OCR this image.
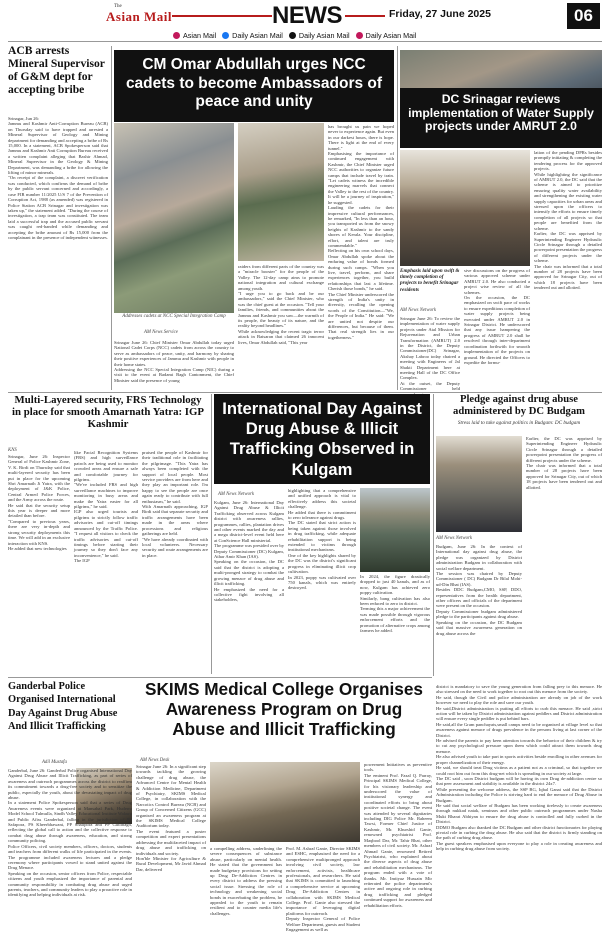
The
Asian Mail	NEWS	Friday, 27 June 2025	06
Asian Mail Daily Asian Mail Daily Asian Mail Daily Asian Mail
ACB arrests Mineral Supervisor of G&M dept for accepting bribe
Srinagar, Jun 26:
Jammu and Kashmir Anti-Corruption Bureau (ACB) on Thursday said to have trapped and arrested a Mineral Supervisor of Geology and Mining department for demanding and accepting a bribe of Rs 15,000. In a statement, ACB Spokesperson said that Jammu and Kashmir Anti Corruption Bureau received a written complaint alleging that Bashir Ahmad, Mineral Supervisor in the Geology & Mining Department, was demanding a bribe for allowing the lifting of minor minerals.
"On receipt of the complaint, a discreet verification was conducted, which confirms the demand of bribe by the public servant concerned and accordingly, a case FIR number 11/2025 U/S 7 of the Prevention of Corruption Act, 1988 (as amended) was registered in Police Station ACB Srinagar and investigation was taken up," the statement added. "During the course of investigation, a trap team was constituted. The team laid a successful trap and the accused public servant was caught red-handed while demanding and accepting the bribe amount of Rs 15,000 from the complainant in the presence of independent witnesses.
CM Omar Abdullah urges NCC cadets to become Ambassadors of peace and unity
Addresses cadets at NCC Special Integration Camp
AM News Service
Srinagar June 26: Chief Minister Omar Abdullah today urged National Cadet Corps (NCC) cadets from across the country to serve as ambassadors of peace, unity, and harmony by sharing their positive experiences of Jammu and Kashmir with people in their home states.
Addressing the NCC Special Integration Camp (NIC) during a visit to the event at Badami Bagh Cantonment, the Chief Minister said the presence of young
raiders from different parts of the country was a "miracle booster" for the people of the Valley. The 12-day camp aims to promote national integration and cultural exchange among youth.
"I urge you to go back and be our ambassadors," said the Chief Minister, who was the chief guest at the occasion. "Tell your families, friends, and communities about the Jammu and Kashmir you saw—the warmth of its people, the beauty of its nature, and the reality beyond headlines."
While acknowledging the recent tragic terror attack in Baisaran that claimed 26 innocent lives, Omar Abdullah said, "This year
has brought us pain we hoped never to experience again. But even in our darkest hours, there is hope. There is light at the end of every tunnel."
Emphasising the importance of continued engagement with Kashmir, the Chief Minister urged NCC authorities to organize future camps that include travel by train. "Let cadets witness the incredible engineering marvels that connect the Valley to the rest of the country. It will be a journey of inspiration," he suggested.
Lauding the cadets for their impressive cultural performances, he remarked, "In less than an hour, you transported us from the snowy heights of Kashmir to the sandy shores of Kerala. Your discipline, effort, and talent are truly commendable."
Reflecting on his own school days, Omar Abdullah spoke about the enduring value of bonds formed during such camps. "When you live, travel, perform, and share experiences together, you build relationships that last a lifetime. Cherish those bonds," he said.
The Chief Minister underscored the strength of India's unity in diversity, recalling the opening words of the Constitution—"We, the People of India." He said: "We are united not despite our differences, but because of them. That real strength lies in our togetherness."
DC Srinagar reviews implementation of Water Supply projects under AMRUT 2.0
Emphasis laid upon swift & timely completion of projects to benefit Srinagar residents
AM News Network
Srinagar June 26: To review the implementation of water supply projects under Atal Mission for Rejuvenation and Urban Transformation (AMRUT) 2.0 in the District, the Deputy Commissioner(DC) Srinagar, Akshay Labroo today chaired a meeting with Engineers of Jal Shakti Department here at meeting Hall of the DC Office Complex.
At the outset, the Deputy Commissioner held
sive discussions on the progress of various approved scheme under AMRUT 2.0. He also conducted a project wise review of all the schemes.
On the occasion, the DC emphasized on swift pace of works to ensure expeditious completion of water supply projects being executed under AMRUT 2.0 in Srinagar District. He underscored that any issue hampering the progress of AMRUT 2.0 shall be resolved through inter-department coordination forthwith for smooth implementation of the projects on ground. He directed the Officers to expedite the formu-
lation of the pending DPRs besides promptly initiating & completing the tendering process for the approved projects.
While highlighting the significance of AMRUT 2.0, the DC said that the scheme is aimed to prioritize ensuring quality water availability and strengthening the existing water supply capacities for urban areas and stressed upon the officers to intensify the efforts to ensure timely completion of all projects so that people are benefited from the scheme.
Earlier, the DC was apprised by Superintending Engineer Hydraulic Circle Srinagar through a detailed powerpoint presentation the progress of different projects under the scheme.
The chair was informed that a total number of 28 projects have been approved for Srinagar City, out of which 18 projects have been tendered out and allotted.
Multi-Layered security, FRS Technology in place for smooth Amarnath Yatra: IGP Kashmir
KNS
Srinagar, June 26: Inspector General of Police Kashmir Zone, V. K. Birdi on Thursday said that multi-layered security has been put in place for the upcoming Shri Amarnath Ji Yatra, with the deployment of J&K Police, Central Armed Police Forces, and the Army across the route.
He said that the security setup this year is deeper and more detailed than before.
"Compared to previous years, there are very in-depth and strong security deployments this time. We will add in an exclusive interaction with KNS.
He added that new technologies
like Facial Recognition Systems (FRS) and high surveillance patrols are being used to monitor crowded areas and ensure a safe and comfortable journey for pilgrims.
"We've included FRS and high surveillance machines to improve monitoring in busy areas and make the Yatra easier for all pilgrims," he said.
IGP also urged tourists and pilgrims to strictly follow traffic advisories and cut-off timings announced by the Traffic Police. "I request all visitors to check the traffic advisories and cut-off timings before starting their journey so they don't face any inconvenience," he said.
The IGP
praised the people of Kashmir for their traditional role in facilitating the pilgrimage. "This Yatra has always been completed with the support of local people. Most service providers are from here and they play an important role. I'm happy to see the people are once again ready to contribute with full enthusiasm," he said.
With Amarnath approaching, IGP Birdi said that separate security and traffic arrangements have been made in the areas where processions and religious gatherings are held.
"We have already coordinated with local volunteers. Necessary security and route arrangements are in place.
International Day Against Drug Abuse & Illicit Trafficking Observed in Kulgam
AM News Network
Kulgam, June 26: International Day Against Drug Abuse & Illicit Trafficking observed across Kulgam district with awareness rallies, programmes, rallies, plantation drives and other events marked the day and a mega district-level event held here at ConScience Hall ministerial.
The programme was presided over by Deputy Commissioner (DC) Kulgam, Athar Amir Khan (IAS).
Speaking on the occasion, the DC said that the district is adopting a multi-pronged strategy to combat the growing menace of drug abuse and illicit trafficking.
He emphasized the need for a collective fight involving all stakeholders,
highlighting that a comprehensive and unified approach is vital to effectively address this societal challenge.
He added that there is commitment to zero tolerance against drugs.
The DC stated that strict action is being taken against those involved in drug trafficking, while adequate rehabilitation support is being extended to victims through institutional mechanisms.
One of the key highlights shared by the DC was the district's significant progress in eliminating illicit crop cultivation.
In 2023, poppy was cultivated over 750 kanals, which was entirely destroyed.
In 2024, the figure drastically dropped to just 40 kanals, and as of now, Kulgam has achieved zero poppy cultivation.
Similarly, bang cultivation has also been reduced to zero in district.
Terming this a major achievement the was made possible through vigorous enforcement efforts and the promotion of alternative crops among farmers he added.
Pledge against drug abuse administered by DC Budgam
Stress laid to take against politics in Budgam: DC budgam
AM News Network
Budgam, June 26: In the context of International day against drug abuse, the pledge was organized by District administration Budgam in collaboration with social welfare department.
The session was chaired by Deputy Commissioner ( DC) Budgam Dr Bilal Mohi-ud-Din Bhat (IAS).
Besides DDC Budgam,CMO, SSP, DDO, representatives from the health department, other officers and officials of the department were present on the occasion.
Deputy Commissioner budgam administered pledge to the participants against drug abuse.
Speaking on the occasion, the DC Budgam said that massive awareness generation on drug abuse across the
Earlier, the DC was apprised by Superintending Engineer Hydraulic Circle Srinagar through a detailed powerpoint presentation the progress of different projects under the scheme.
The chair was informed that a total number of 28 projects have been approved for Srinagar City, out of which 18 projects have been tendered out and allotted.
district is mandatory to save the young generation from falling prey to this menace. He also stressed on the need to work together to root out this menace from the society.
He said, though the Civil and police administration are already on job of the work however we need to play the role and save our youth.
He said,District administration is putting all efforts to curb this menace. He said ,strict action will be taken by District administration against peddlers and District administration will ensure every single peddler is put behind bars.
He said,all the Gram panchayats,small camps need to be organised at village level so that awareness against menace of drugs prevalence in the persons living at last corner of the District.
He advised the parents to pay keen attention towards the behavior of their children & try to cut any psychological pressure upon them which could attract them towards drug menace.
He also advised youth to take part in sports activities beside enrolling in other avenues for proper channelization of their energy.
He said, we should treat Drug victims as a patient not as a criminal, so that together we could root him out from this drug-net which is spreading in our society at large.
The DC said , soon District budgam will be having its own Drug de-addiction centre so that peer assessment and stability is available in the district 24x7.
While presenting the welcome address, the SSP BG, Iqbal Ganai said that the District Administration including the Police is striving hard to end the menace of Drug Abuse in Budgam.
He said that social welfare of Budgam has been working tirelessly to create awareness through nukkad natak, seminars and other public outreach programmes under Nasha Mukt Bharat Abhiyan to ensure the drug abuse is controlled and fully curbed in the District.
DDMO Budgam also thanked the DC Budgam and other district functionaries for playing pivotal role in curbing the drug abuse. He also said that the district is firmly standing on the path of curbing drug abuse.
The guest speakers emphasised upon everyone to play a role in creating awareness and help in curbing drug abuse from society.
Ganderbal Police Organised International Day Against Drug Abuse And Illicit Trafficking
Adil Mustafa
Ganderbal, June 26: Ganderbal Police organised International Day Against Drug Abuse and Illicit Trafficking, as part of series of awareness and outreach programmes across the district to reaffirm its commitment towards a drug-free society and to sensitize the public, especially the youth, about the devastating impact of drug abuse.
In a statement Police Spokesperson said that a series of Drug Awareness events were organized at Mansabal Park, Huderra Model School Tulmulla, Sindh Valley Educational Institute Wakura and Public Afiss Ganderbal, falling in the jurisdiction of PS Safapora, PS Kheerbhawani, PP Shalipora and PP Gutlibagh, reflecting the global call to action and the collective response to combat drug abuse through awareness, education, and strong community policing.
Police Officers, civil society members, officers, doctors, students and teachers from different walks of life participated in the events. The programme included awareness lectures and a pledge ceremony where participants vowed to stand united against the Drug Menace.
Speaking on the occasion, senior officers from Police, respectable citizens and youth emphasized the importance of parental and community responsibility in combating drug abuse and urged parents, teachers, and community leaders to play a proactive role in identifying and helping individuals at risk.
SKIMS Medical College Organises Awareness Program on Drug Abuse and Illicit Trafficking
AM News Desk
Srinagar June 26: In a significant step towards tackling the growing challenge of drug abuse, the Advanced Centre for Mental Health & Addiction Medicine, Department of Psychiatry, SKIMS Medical College, in collaboration with the Narcotics Control Bureau (NCB) and Group of Concerned Citizens (GCC) organised an awareness program at the SKIMS Medical College Auditorium today.
The event featured a poster competition and expert presentations addressing the multifaceted impact of drug abuse and trafficking on individuals and society.
Hon'ble Minister for Agriculture & Rural Development, Mr Javid Ahmad Dar, delivered
a compelling address, underlining the severe consequences of substance abuse, particularly on mental health. He stated that the government has made budgetary provisions for setting up Drug De-Addiction Centres in every district to address the pressing social issue. Stressing the role of technology and weakening social bonds in exacerbating the problem, he appealed to the youth to remain resilient and to counter media life's challenges.
Prof. M. Ashraf Ganie, Director SKIMS and ESHC, emphasised the need for a comprehensive multipronged approach involving civil society, law enforcement, activists, healthcare professionals, and researchers. He said that SKIMS is committed to launching a comprehensive service at upcoming Drug De-Addiction Centres in collaboration with SKIMS Medical College. Prof. Ganie also stressed the importance of leveraging digital platforms for outreach.
Deputy Inspector General of Police Welfare Department, guests and Student Engagement as well as
powerment Initiatives as preventive tools.
The eminent Prof. Fazal Q. Parray, Principal SKIMS Medical College, for his visionary leadership and underscored the value of institutional synergy and coordinated efforts to bring about positive societal change. The event was attended by several dignitaries including DIG Police Mr. Raheem Tawsi, Former Chief Justice of Kashmir, Mr. Khurshid Ganie, renowned psychiatrist Prof. Maqbool Dar, Mr. Tahir Bhat, other members of civil society. Mr. Ashraf Ahmad Ganie, renowned Retired Psychiatrist, who explained about the diverse aspects of drug abuse and rehabilitation mechanisms. The program ended with a vote of thanks. Mr. Imtiyaz Hussain Mir reiterated the police department's active and ongoing role in curbing drug trafficking and pledged continued support for awareness and rehabilitation efforts.
